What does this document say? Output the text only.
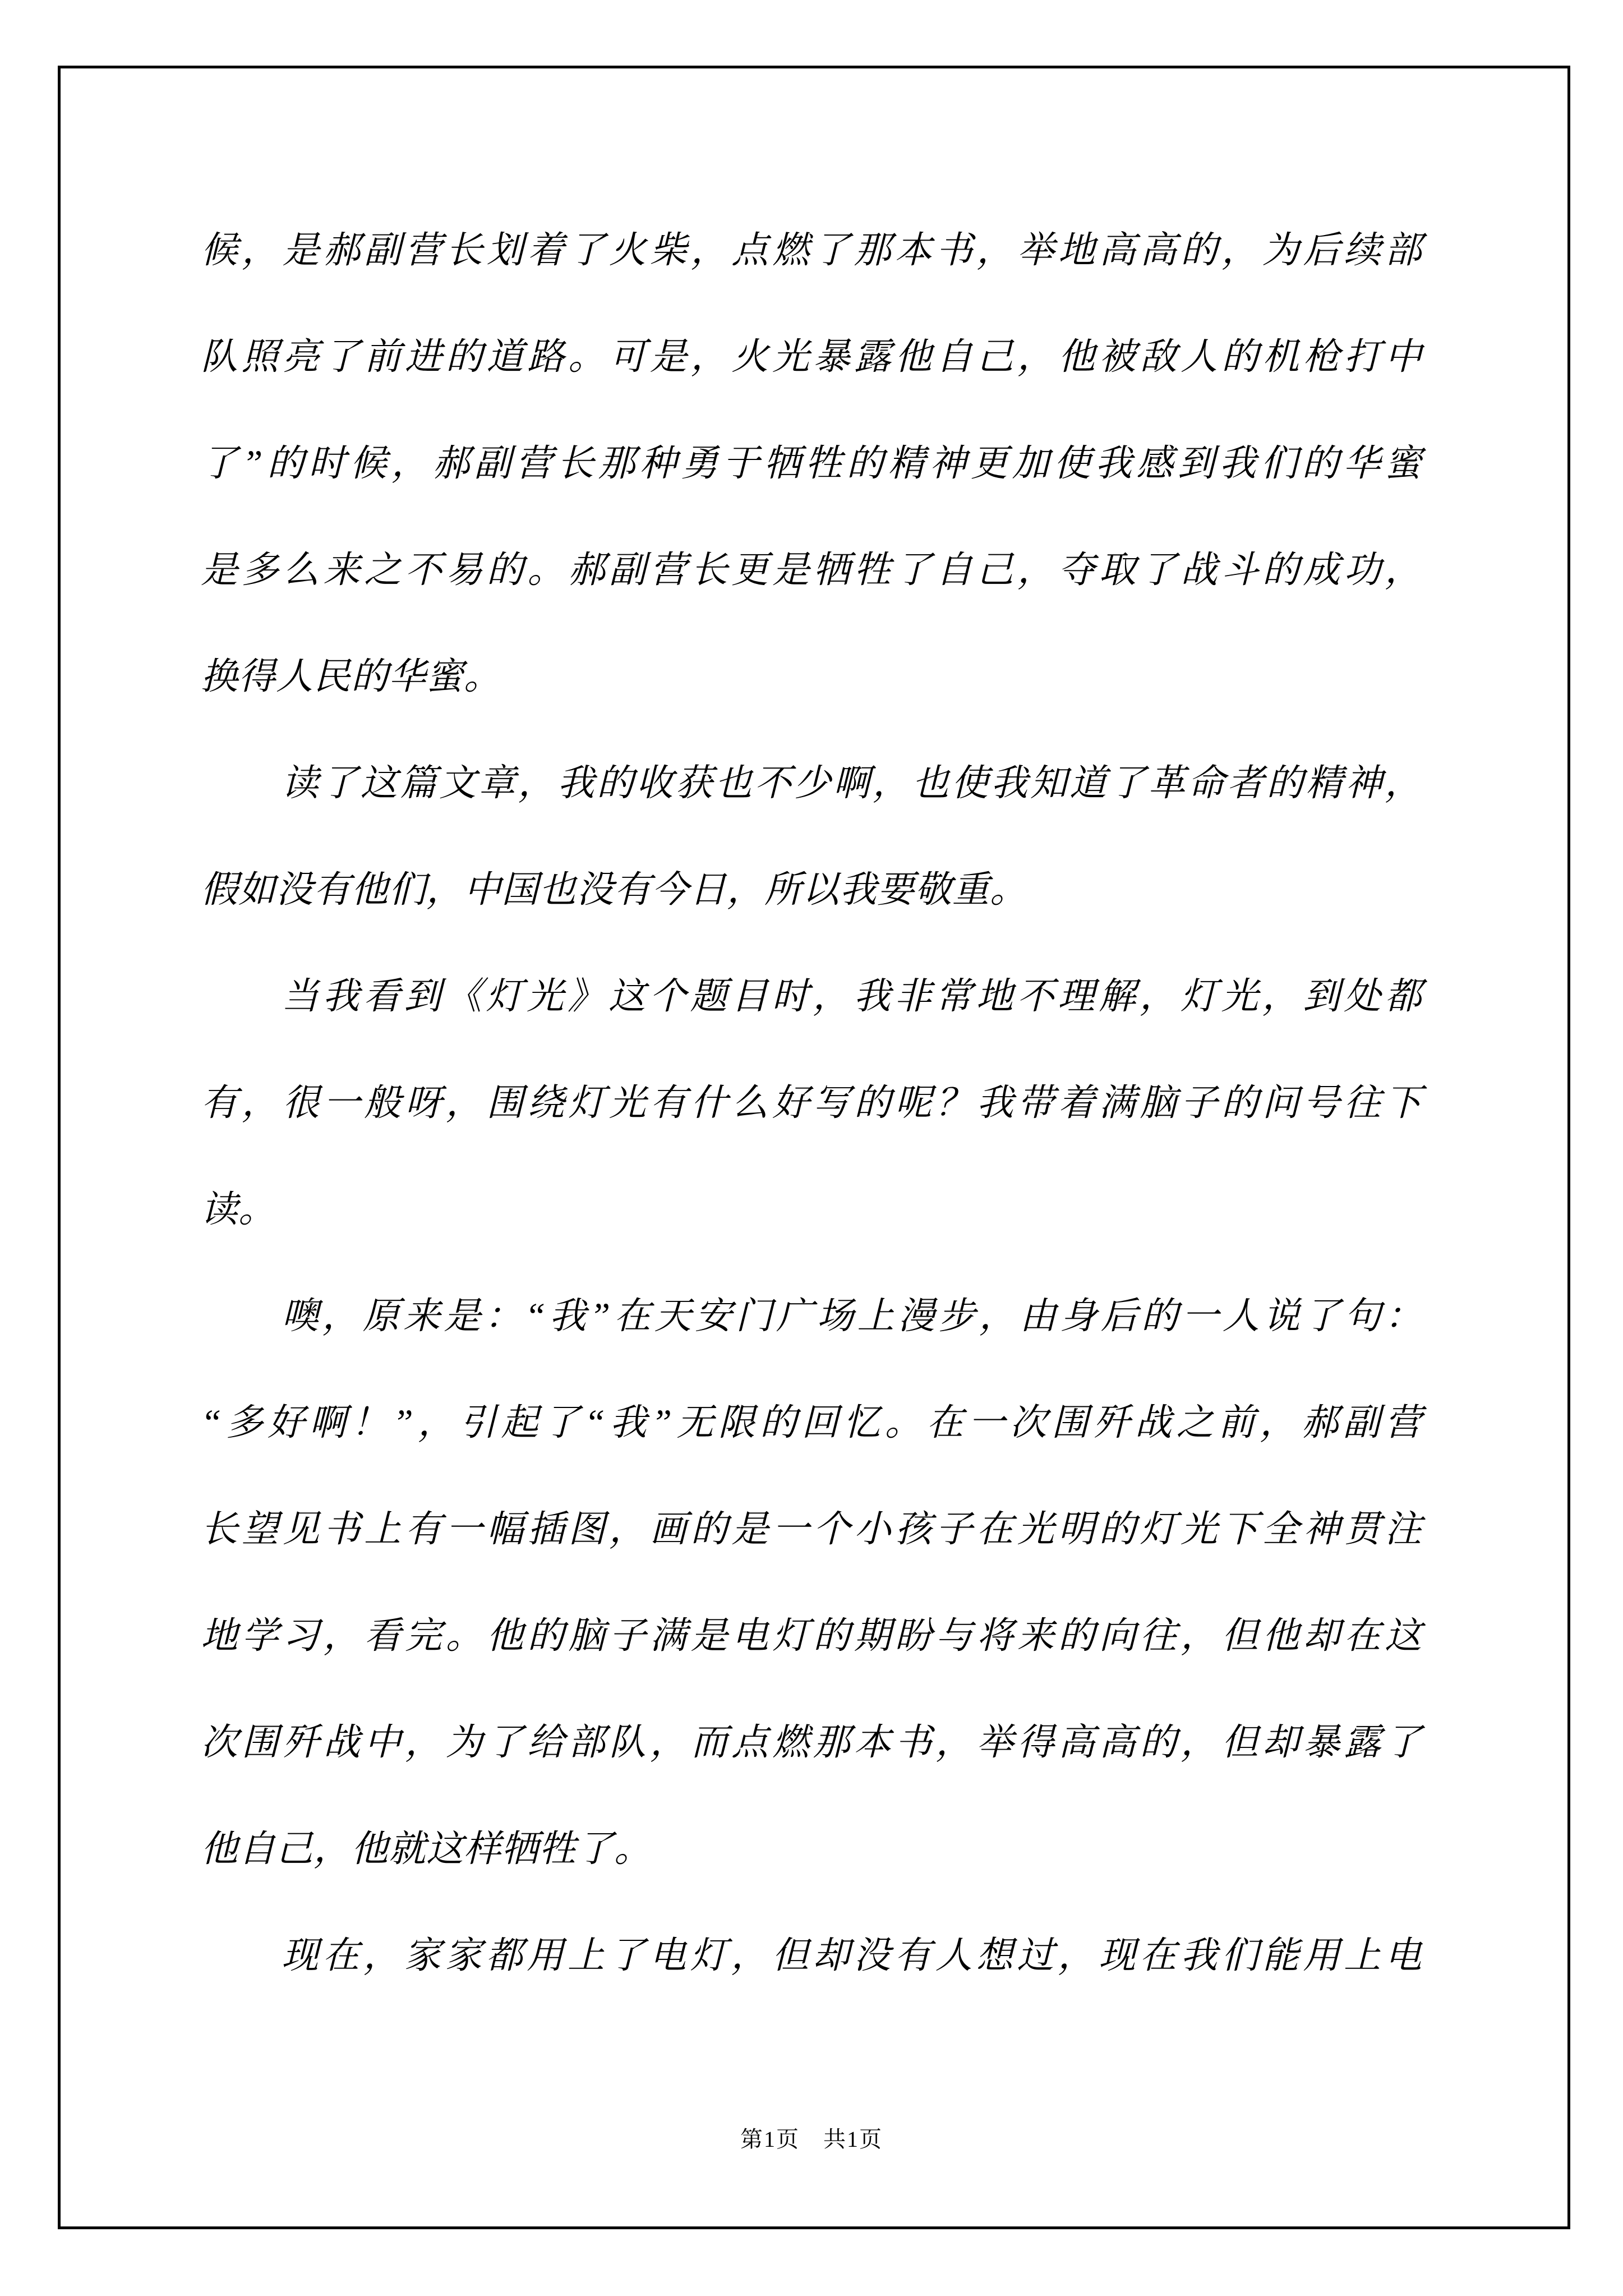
候，是郝副营长划着了火柴，点燃了那本书，举地高高的，为后续部
队照亮了前进的道路。可是，火光暴露他自己，他被敌人的机枪打中
了”的时候，郝副营长那种勇于牺牲的精神更加使我感到我们的华蜜
是多么来之不易的。郝副营长更是牺牲了自己，夺取了战斗的成功，
换得人民的华蜜。
读了这篇文章，我的收获也不少啊，也使我知道了革命者的精神，
假如没有他们，中国也没有今日，所以我要敬重。
当我看到《灯光》这个题目时，我非常地不理解，灯光，到处都
有，很一般呀，围绕灯光有什么好写的呢？我带着满脑子的问号往下
读。
噢，原来是：“我”在天安门广场上漫步，由身后的一人说了句：
“多好啊！”，引起了“我”无限的回忆。在一次围歼战之前，郝副营
长望见书上有一幅插图，画的是一个小孩子在光明的灯光下全神贯注
地学习，看完。他的脑子满是电灯的期盼与将来的向往，但他却在这
次围歼战中，为了给部队，而点燃那本书，举得高高的，但却暴露了
他自己，他就这样牺牲了。
现在，家家都用上了电灯，但却没有人想过，现在我们能用上电
第1页　共1页
